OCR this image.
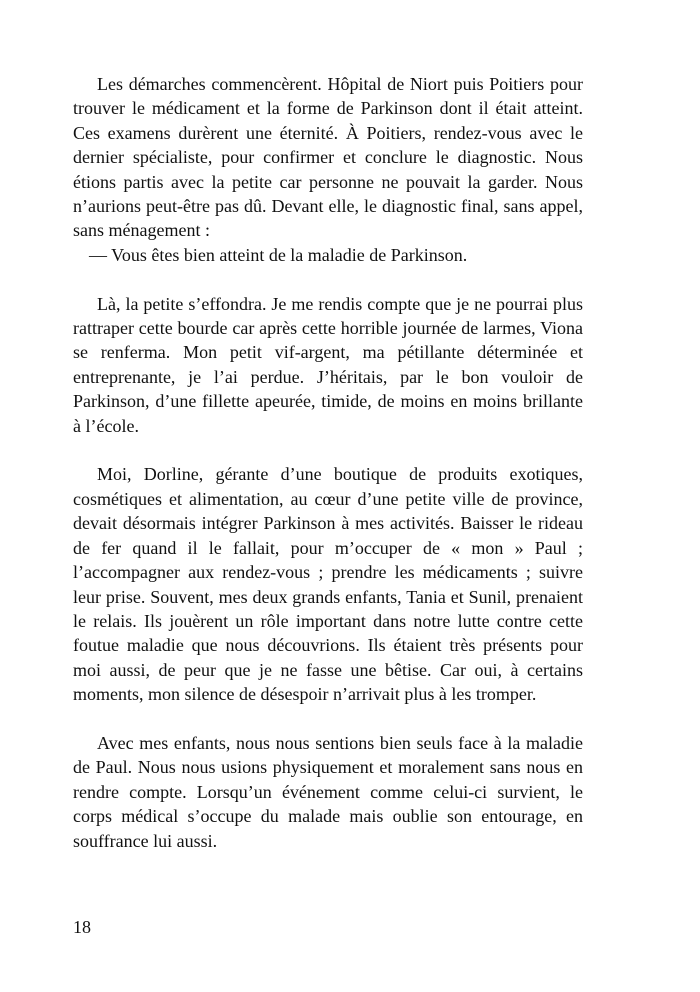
Les démarches commencèrent. Hôpital de Niort puis Poitiers pour trouver le médicament et la forme de Parkinson dont il était atteint. Ces examens durèrent une éternité. À Poitiers, rendez-vous avec le dernier spécialiste, pour confirmer et conclure le diagnostic. Nous étions partis avec la petite car personne ne pouvait la garder. Nous n’aurions peut-être pas dû. Devant elle, le diagnostic final, sans appel, sans ménagement :

— Vous êtes bien atteint de la maladie de Parkinson.

Là, la petite s’effondra. Je me rendis compte que je ne pourrai plus rattraper cette bourde car après cette horrible journée de larmes, Viona se renferma. Mon petit vif-argent, ma pétillante déterminée et entreprenante, je l’ai perdue. J’héritais, par le bon vouloir de Parkinson, d’une fillette apeurée, timide, de moins en moins brillante à l’école.

Moi, Dorline, gérante d’une boutique de produits exotiques, cosmétiques et alimentation, au cœur d’une petite ville de province, devait désormais intégrer Parkinson à mes activités. Baisser le rideau de fer quand il le fallait, pour m’occuper de « mon » Paul ; l’accompagner aux rendez-vous ; prendre les médicaments ; suivre leur prise. Souvent, mes deux grands enfants, Tania et Sunil, prenaient le relais. Ils jouèrent un rôle important dans notre lutte contre cette foutue maladie que nous découvrions. Ils étaient très présents pour moi aussi, de peur que je ne fasse une bêtise. Car oui, à certains moments, mon silence de désespoir n’arrivait plus à les tromper.

Avec mes enfants, nous nous sentions bien seuls face à la maladie de Paul. Nous nous usions physiquement et moralement sans nous en rendre compte. Lorsqu’un événement comme celui-ci survient, le corps médical s’occupe du malade mais oublie son entourage, en souffrance lui aussi.

18
